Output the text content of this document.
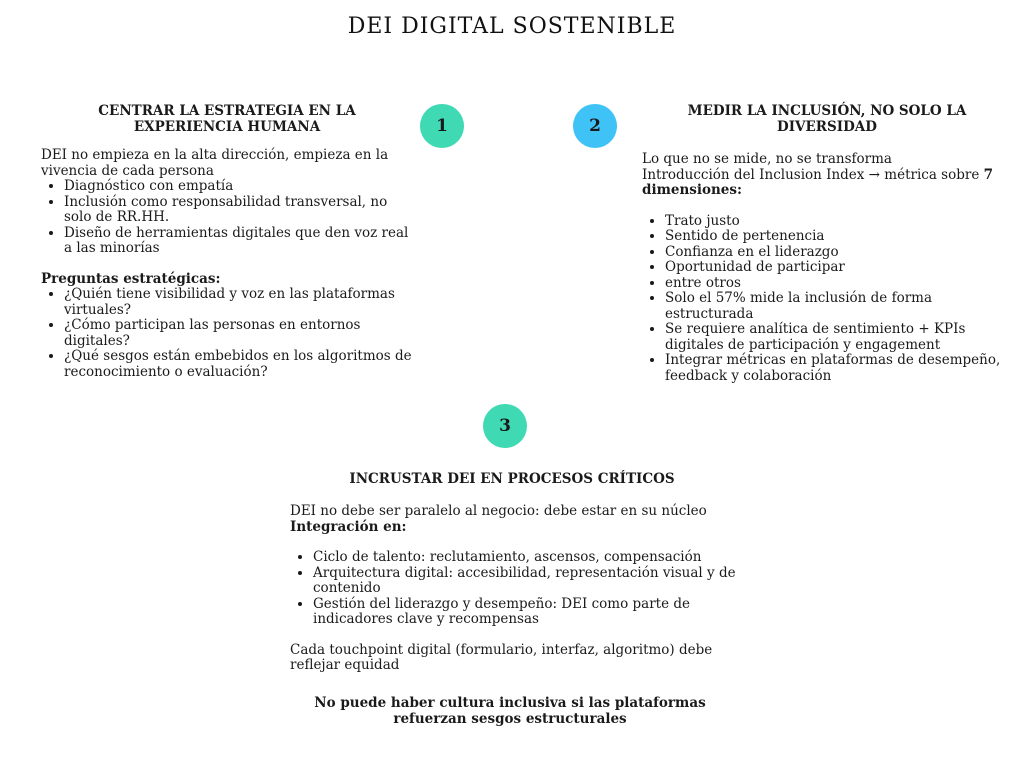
DEI DIGITAL SOSTENIBLE
1	2
3
CENTRAR LA ESTRATEGIA EN LA EXPERIENCIA HUMANA

DEI no empieza en la alta dirección, empieza en la vivencia de cada persona

• Diagnóstico con empatía
• Inclusión como responsabilidad transversal, no solo de RR.HH.
• Diseño de herramientas digitales que den voz real a las minorías

Preguntas estratégicas:

• ¿Quién tiene visibilidad y voz en las plataformas virtuales?
• ¿Cómo participan las personas en entornos digitales?
• ¿Qué sesgos están embebidos en los algoritmos de reconocimiento o evaluación?
MEDIR LA INCLUSIÓN, NO SOLO LA DIVERSIDAD

Lo que no se mide, no se transforma

Introducción del Inclusion Index → métrica sobre 7 dimensiones:

• Trato justo
• Sentido de pertenencia
• Confianza en el liderazgo
• Oportunidad de participar
• entre otros
• Solo el 57% mide la inclusión de forma estructurada
• Se requiere analítica de sentimiento + KPIs digitales de participación y engagement
• Integrar métricas en plataformas de desempeño, feedback y colaboración
INCRUSTAR DEI EN PROCESOS CRÍTICOS

DEI no debe ser paralelo al negocio: debe estar en su núcleo

Integración en:

• Ciclo de talento: reclutamiento, ascensos, compensación
• Arquitectura digital: accesibilidad, representación visual y de contenido
• Gestión del liderazgo y desempeño: DEI como parte de indicadores clave y recompensas

Cada touchpoint digital (formulario, interfaz, algoritmo) debe reflejar equidad

No puede haber cultura inclusiva si las plataformas refuerzan sesgos estructurales
